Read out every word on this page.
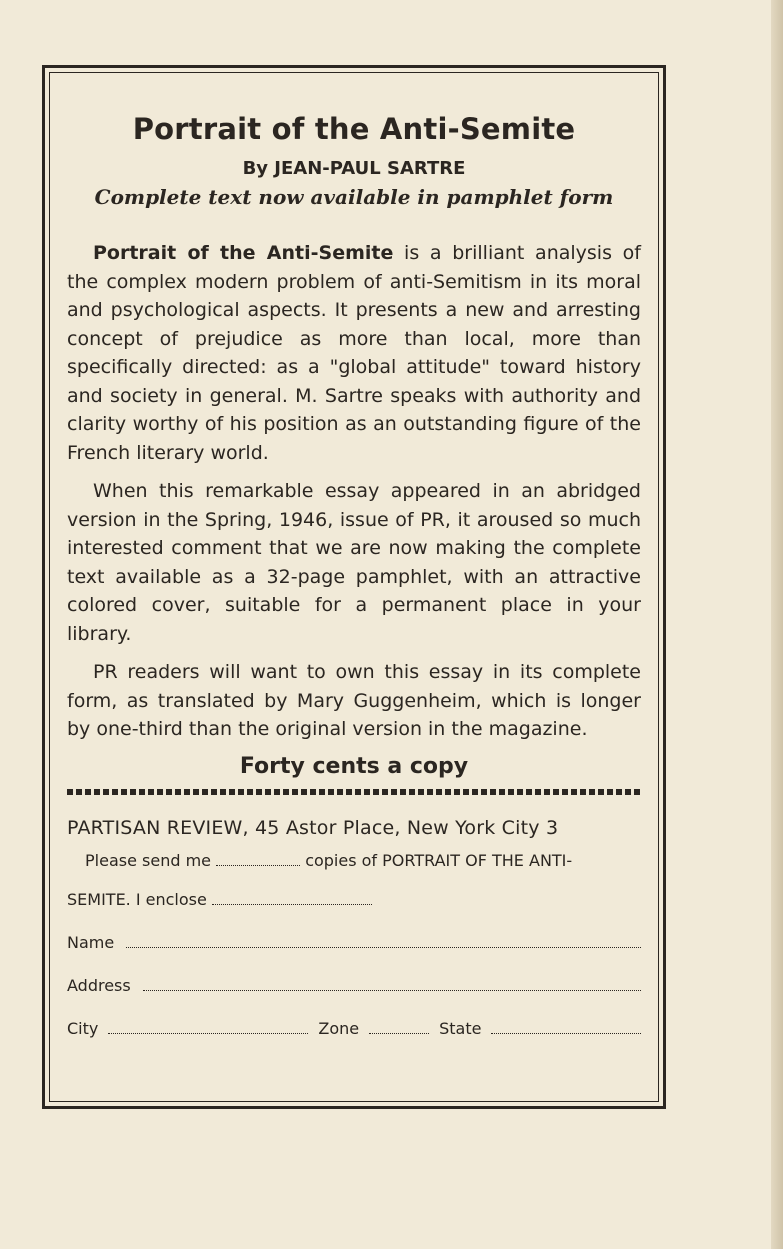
Portrait of the Anti-Semite
By JEAN-PAUL SARTRE
Complete text now available in pamphlet form

Portrait of the Anti-Semite is a brilliant analysis of the complex modern problem of anti-Semitism in its moral and psychological aspects. It presents a new and arresting concept of prejudice as more than local, more than specifically directed: as a "global attitude" toward history and society in general. M. Sartre speaks with authority and clarity worthy of his position as an outstanding figure of the French literary world.

When this remarkable essay appeared in an abridged version in the Spring, 1946, issue of PR, it aroused so much interested comment that we are now making the complete text available as a 32-page pamphlet, with an attractive colored cover, suitable for a permanent place in your library.

PR readers will want to own this essay in its complete form, as translated by Mary Guggenheim, which is longer by one-third than the original version in the magazine.

Forty cents a copy
PARTISAN REVIEW, 45 Astor Place, New York City 3
Please send me	copies of PORTRAIT OF THE ANTI-
SEMITE. I enclose
Name
Address
City	Zone	State
